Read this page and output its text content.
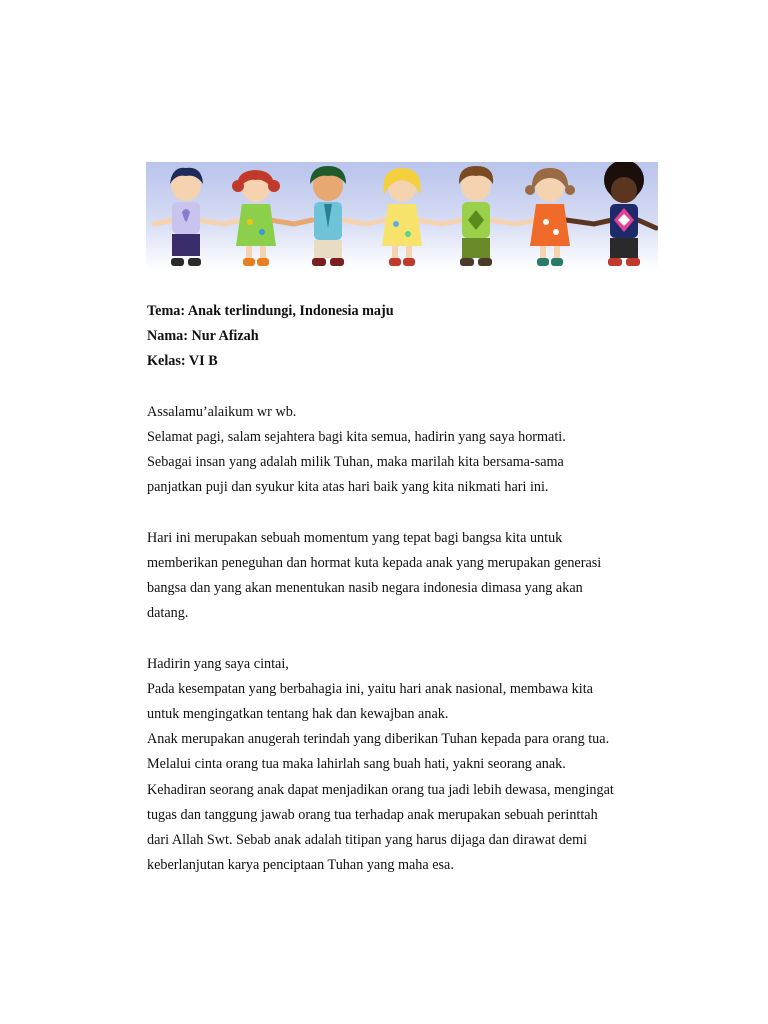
Tema: Anak terlindungi, Indonesia maju
Nama: Nur Afizah
Kelas: VI B
Assalamu’alaikum wr wb.
Selamat pagi, salam sejahtera bagi kita semua, hadirin yang saya hormati.
Sebagai insan yang adalah milik Tuhan, maka marilah kita bersama-sama
panjatkan puji dan syukur kita atas hari baik yang kita nikmati hari ini.
Hari ini merupakan sebuah momentum yang tepat bagi bangsa kita untuk
memberikan peneguhan dan hormat kuta kepada anak yang merupakan generasi
bangsa dan yang akan menentukan nasib negara indonesia dimasa yang akan
datang.
Hadirin yang saya cintai,
Pada kesempatan yang berbahagia ini, yaitu hari anak nasional, membawa kita
untuk mengingatkan tentang hak dan kewajban anak.
Anak merupakan anugerah terindah yang diberikan Tuhan kepada para orang tua.
Melalui cinta orang tua maka lahirlah sang buah hati, yakni seorang anak.
Kehadiran seorang anak dapat menjadikan orang tua jadi lebih dewasa, mengingat
tugas dan tanggung jawab orang tua terhadap anak merupakan sebuah perinttah
dari Allah Swt. Sebab anak adalah titipan yang harus dijaga dan dirawat demi
keberlanjutan karya penciptaan Tuhan yang maha esa.
